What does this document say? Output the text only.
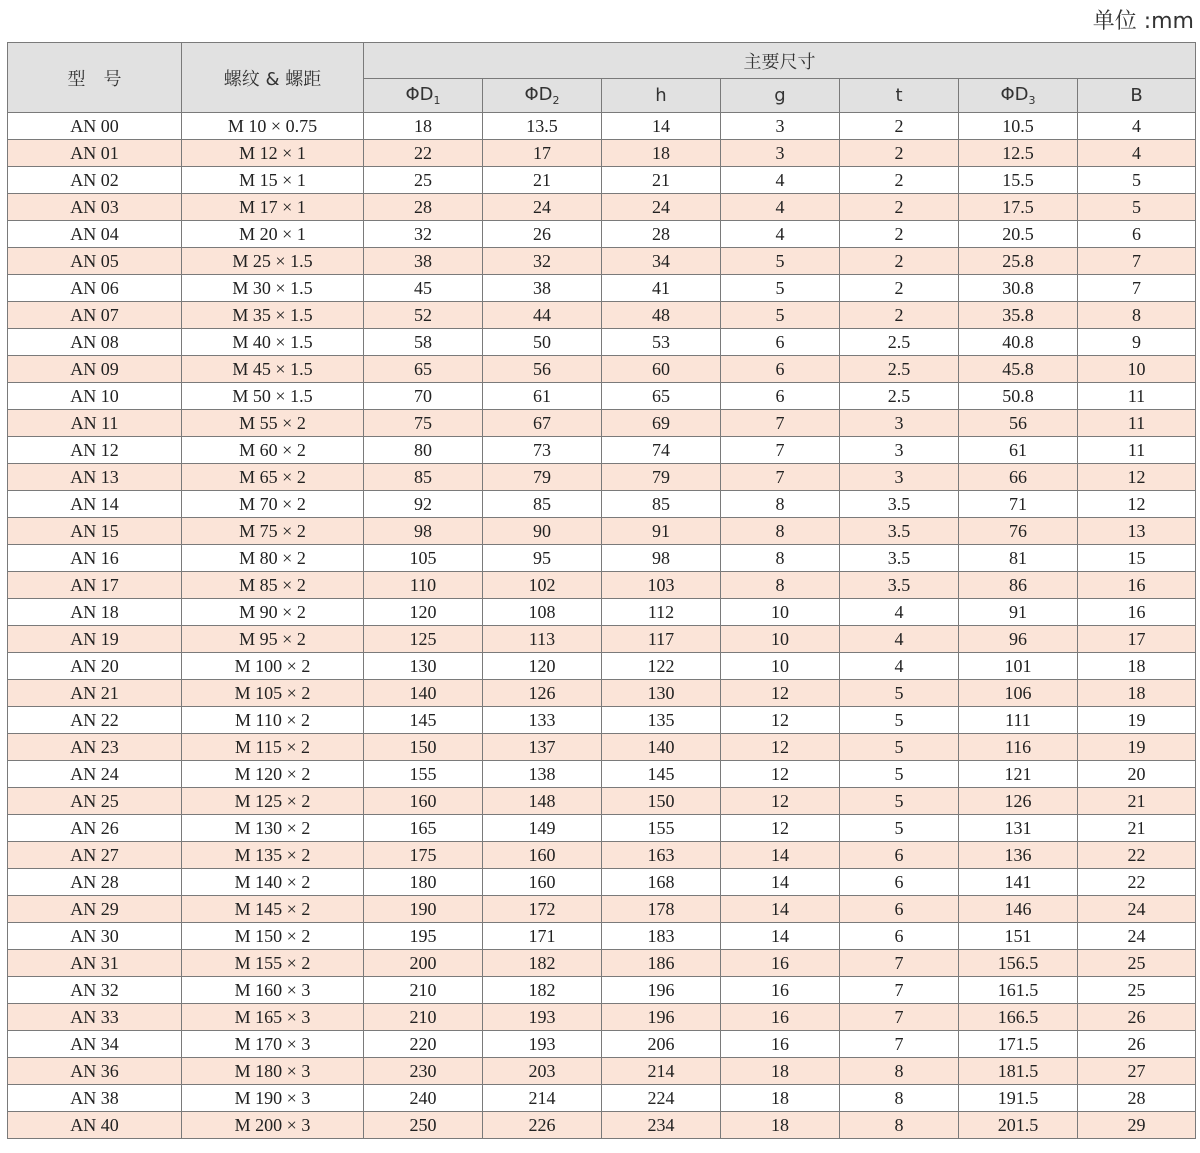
单位 :mm
型　号	螺纹 & 螺距	主要尺寸						
		$\Phi D_1$	$\Phi D_2$	h	g	t	$\Phi D_3$	B
AN 00	M 10 × 0.75	18	13.5	14	3	2	10.5	4
AN 01	M 12 × 1	22	17	18	3	2	12.5	4
AN 02	M 15 × 1	25	21	21	4	2	15.5	5
AN 03	M 17 × 1	28	24	24	4	2	17.5	5
AN 04	M 20 × 1	32	26	28	4	2	20.5	6
AN 05	M 25 × 1.5	38	32	34	5	2	25.8	7
AN 06	M 30 × 1.5	45	38	41	5	2	30.8	7
AN 07	M 35 × 1.5	52	44	48	5	2	35.8	8
AN 08	M 40 × 1.5	58	50	53	6	2.5	40.8	9
AN 09	M 45 × 1.5	65	56	60	6	2.5	45.8	10
AN 10	M 50 × 1.5	70	61	65	6	2.5	50.8	11
AN 11	M 55 × 2	75	67	69	7	3	56	11
AN 12	M 60 × 2	80	73	74	7	3	61	11
AN 13	M 65 × 2	85	79	79	7	3	66	12
AN 14	M 70 × 2	92	85	85	8	3.5	71	12
AN 15	M 75 × 2	98	90	91	8	3.5	76	13
AN 16	M 80 × 2	105	95	98	8	3.5	81	15
AN 17	M 85 × 2	110	102	103	8	3.5	86	16
AN 18	M 90 × 2	120	108	112	10	4	91	16
AN 19	M 95 × 2	125	113	117	10	4	96	17
AN 20	M 100 × 2	130	120	122	10	4	101	18
AN 21	M 105 × 2	140	126	130	12	5	106	18
AN 22	M 110 × 2	145	133	135	12	5	111	19
AN 23	M 115 × 2	150	137	140	12	5	116	19
AN 24	M 120 × 2	155	138	145	12	5	121	20
AN 25	M 125 × 2	160	148	150	12	5	126	21
AN 26	M 130 × 2	165	149	155	12	5	131	21
AN 27	M 135 × 2	175	160	163	14	6	136	22
AN 28	M 140 × 2	180	160	168	14	6	141	22
AN 29	M 145 × 2	190	172	178	14	6	146	24
AN 30	M 150 × 2	195	171	183	14	6	151	24
AN 31	M 155 × 2	200	182	186	16	7	156.5	25
AN 32	M 160 × 3	210	182	196	16	7	161.5	25
AN 33	M 165 × 3	210	193	196	16	7	166.5	26
AN 34	M 170 × 3	220	193	206	16	7	171.5	26
AN 36	M 180 × 3	230	203	214	18	8	181.5	27
AN 38	M 190 × 3	240	214	224	18	8	191.5	28
AN 40	M 200 × 3	250	226	234	18	8	201.5	29
